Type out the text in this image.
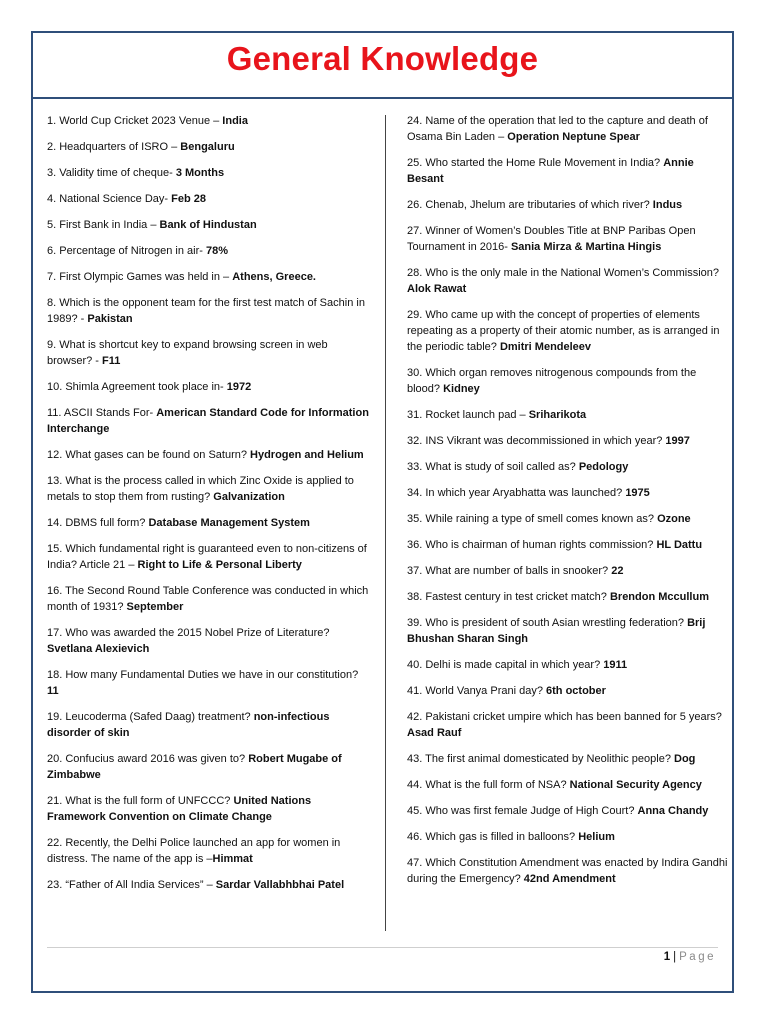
General Knowledge

1. World Cup Cricket 2023 Venue – India

2. Headquarters of ISRO – Bengaluru

3. Validity time of cheque- 3 Months

4. National Science Day- Feb 28

5. First Bank in India – Bank of Hindustan

6. Percentage of Nitrogen in air- 78%

7. First Olympic Games was held in – Athens, Greece.

8. Which is the opponent team for the first test match of Sachin in 1989? - Pakistan

9. What is shortcut key to expand browsing screen in web browser? - F11

10. Shimla Agreement took place in- 1972

11. ASCII Stands For- American Standard Code for Information Interchange

12. What gases can be found on Saturn? Hydrogen and Helium

13. What is the process called in which Zinc Oxide is applied to metals to stop them from rusting? Galvanization

14. DBMS full form? Database Management System

15. Which fundamental right is guaranteed even to non-citizens of India? Article 21 – Right to Life & Personal Liberty

16. The Second Round Table Conference was conducted in which month of 1931? September

17. Who was awarded the 2015 Nobel Prize of Literature? Svetlana Alexievich

18. How many Fundamental Duties we have in our constitution? 11

19. Leucoderma (Safed Daag) treatment? non-infectious disorder of skin

20. Confucius award 2016 was given to? Robert Mugabe of Zimbabwe

21. What is the full form of UNFCCC? United Nations Framework Convention on Climate Change

22. Recently, the Delhi Police launched an app for women in distress. The name of the app is –Himmat

23. “Father of All India Services” – Sardar Vallabhbhai Patel

24. Name of the operation that led to the capture and death of Osama Bin Laden – Operation Neptune Spear

25. Who started the Home Rule Movement in India? Annie Besant

26. Chenab, Jhelum are tributaries of which river? Indus

27. Winner of Women’s Doubles Title at BNP Paribas Open Tournament in 2016- Sania Mirza & Martina Hingis

28. Who is the only male in the National Women’s Commission? Alok Rawat

29. Who came up with the concept of properties of elements repeating as a property of their atomic number, as is arranged in the periodic table? Dmitri Mendeleev

30. Which organ removes nitrogenous compounds from the blood? Kidney

31. Rocket launch pad – Sriharikota

32. INS Vikrant was decommissioned in which year? 1997

33. What is study of soil called as? Pedology

34. In which year Aryabhatta was launched? 1975

35. While raining a type of smell comes known as? Ozone

36. Who is chairman of human rights commission? HL Dattu

37. What are number of balls in snooker? 22

38. Fastest century in test cricket match? Brendon Mccullum

39. Who is president of south Asian wrestling federation? Brij Bhushan Sharan Singh

40. Delhi is made capital in which year? 1911

41. World Vanya Prani day? 6th october

42. Pakistani cricket umpire which has been banned for 5 years? Asad Rauf

43. The first animal domesticated by Neolithic people? Dog

44. What is the full form of NSA? National Security Agency

45. Who was first female Judge of High Court? Anna Chandy

46. Which gas is filled in balloons? Helium

47. Which Constitution Amendment was enacted by Indira Gandhi during the Emergency? 42nd Amendment

1 | Page
